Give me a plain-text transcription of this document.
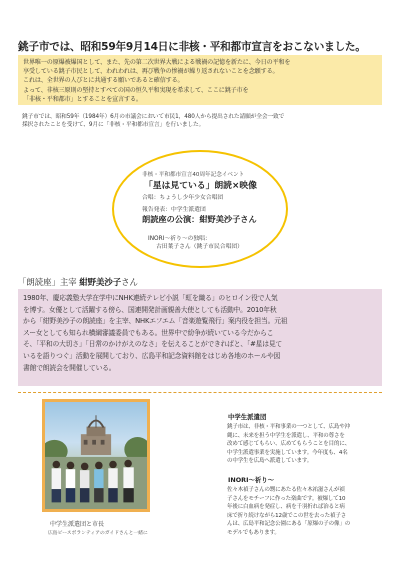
銚子市では、昭和59年9月14日に非核・平和都市宣言をおこないました。

世界唯一の原爆被爆国として、また、先の第二次世界大戦による戦禍の記憶を新たに、今日の平和を

享受している銚子市民として、われわれは、再び戦争の惨禍が繰り返されないことを念願する。

これは、全世界の人びとに共通する願いであると確信する。

よって、非核三原則の堅持とすべての国の恒久平和実現を希求して、ここに銚子市を

「非核・平和都市」とすることを宣言する。

銚子市では、昭和59年（1984年）6月の市議会において市民1，480人から提出された請願が全会一致で
採択されたことを受けて、9月に「非核・平和都市宣言」を行いました。
非核・平和都市宣言40周年記念イベント
「星は見ている」朗読×映像
合唱：ちょうし少年少女合唱団
報告発表：中学生派遣団
朗読座の公演：紺野美沙子さん
INORI～祈り～の独唱：
古田葉子さん（銚子市民合唱団）
「朗読座」主宰 紺野美沙子さん

1980年、慶応義塾大学在学中にNHK連続テレビ小説「虹を織る」のヒロイン役で人気

を博す。女優として活躍する傍ら、国連開発計画親善大使としても活動中。2010年秋

から「紺野美沙子の朗読座」を主宰、NHKエフエム「音楽遊覧飛行」案内役を担当。元祖

スー女としても知られ横綱審議委員でもある。世界中で紛争が続いている今だからこ

そ、「平和の大切さ」「日常のかけがえのなさ」を伝えることができればと、「#星は見て

いるを語りつぐ」活動を展開しており、広島平和記念資料館をはじめ各地のホールや図

書館で朗読会を開催している。

中学生派遣団と市長
広島ピースボランティアのガイドさんと一緒に
中学生派遣団
銚子市は、非核・平和事業の一つとして、広島や沖
縄に、未来を担う中学生を派遣し、平和の尊さを
改めて感じてもらい、広めてもらうことを目的に、
中学生派遣事業を実施しています。今年度も、4名
の中学生を広島へ派遣しています。
INORI～祈り～
佐々木禎子さんの甥にあたる佐々木祐滋さんが禎
子さんをモチーフに作った楽曲です。被爆して10
年後に白血病を発症し、病を千羽折れば治ると病
床で折り続けながら12歳でこの世を去った禎子さ
んは、広島平和記念公園にある「原爆の子の像」の
モデルでもあります。
